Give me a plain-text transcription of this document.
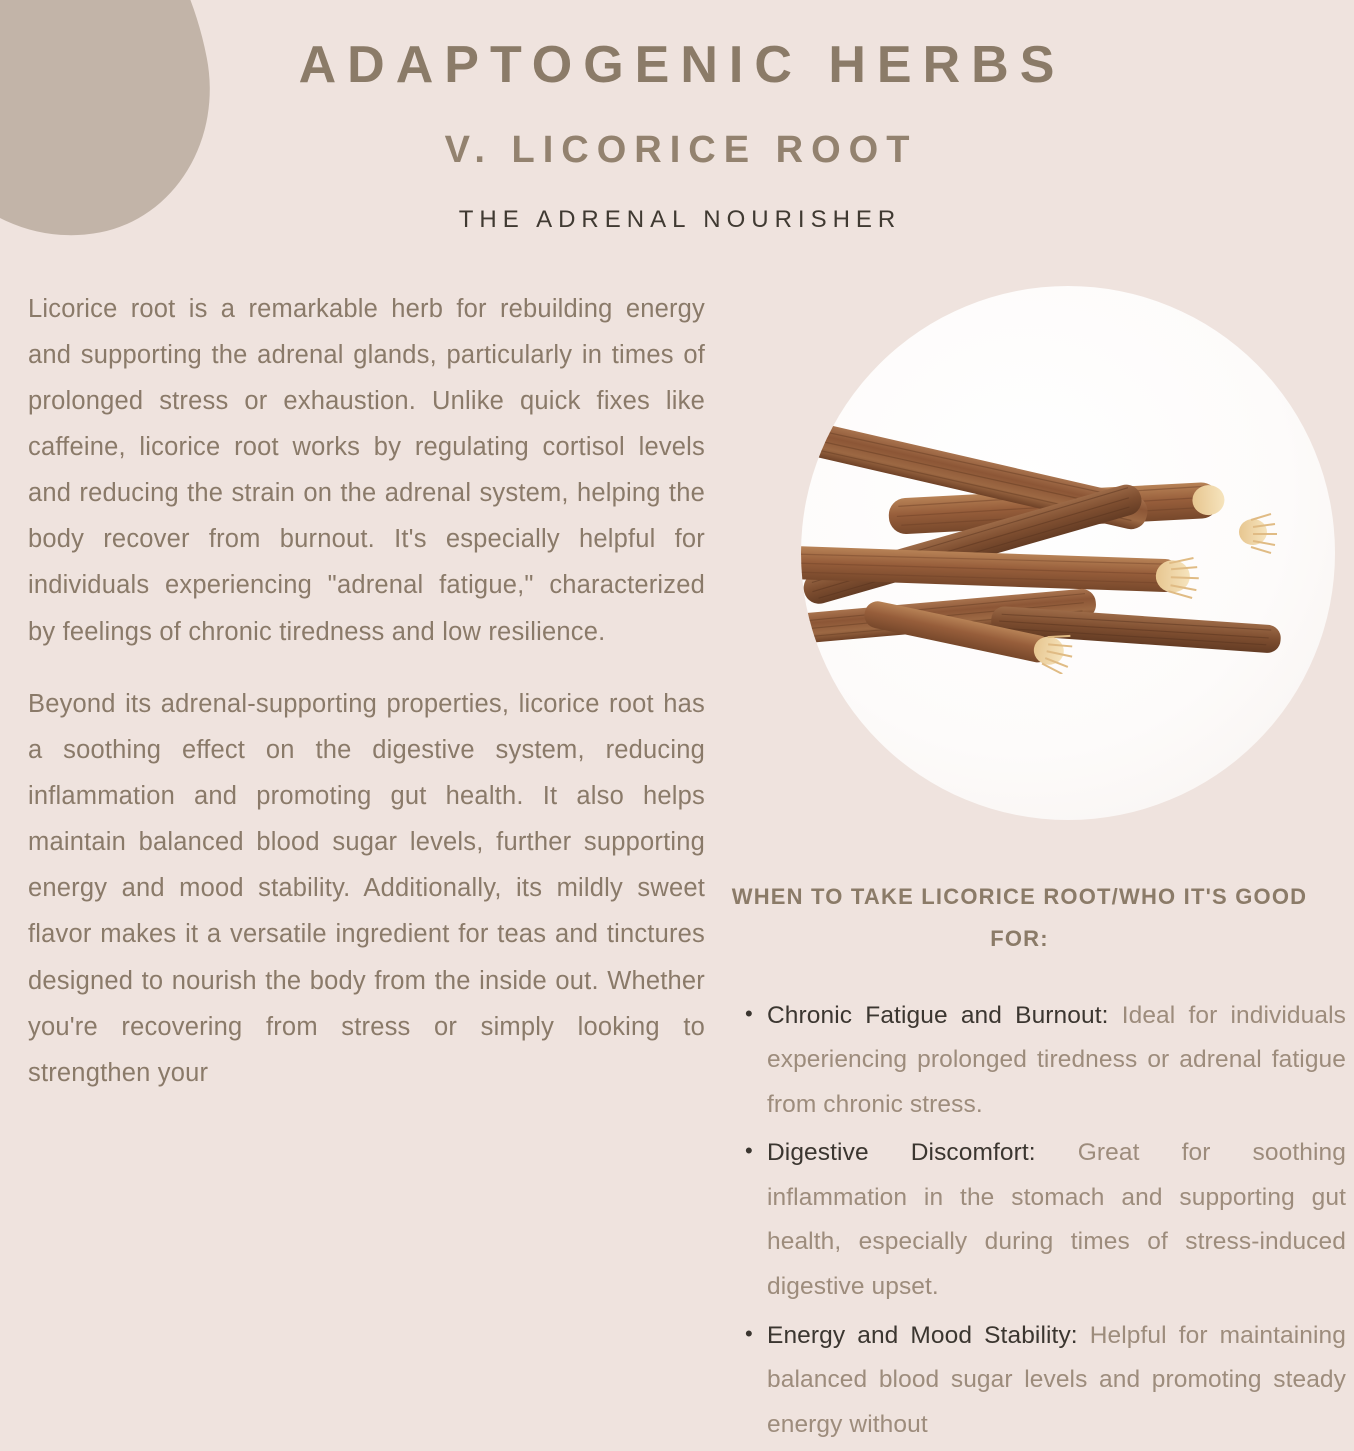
ADAPTOGENIC HERBS
V. LICORICE ROOT

THE ADRENAL NOURISHER

Licorice root is a remarkable herb for rebuilding energy and supporting the adrenal glands, particularly in times of prolonged stress or exhaustion. Unlike quick fixes like caffeine, licorice root works by regulating cortisol levels and reducing the strain on the adrenal system, helping the body recover from burnout. It's especially helpful for individuals experiencing "adrenal fatigue," characterized by feelings of chronic tiredness and low resilience.

Beyond its adrenal-supporting properties, licorice root has a soothing effect on the digestive system, reducing inflammation and promoting gut health. It also helps maintain balanced blood sugar levels, further supporting energy and mood stability. Additionally, its mildly sweet flavor makes it a versatile ingredient for teas and tinctures designed to nourish the body from the inside out. Whether you're recovering from stress or simply looking to strengthen your

WHEN TO TAKE LICORICE ROOT/WHO IT'S GOOD FOR:
• Chronic Fatigue and Burnout: Ideal for individuals experiencing prolonged tiredness or adrenal fatigue from chronic stress.
• Digestive Discomfort: Great for soothing inflammation in the stomach and supporting gut health, especially during times of stress-induced digestive upset.
• Energy and Mood Stability: Helpful for maintaining balanced blood sugar levels and promoting steady energy without
